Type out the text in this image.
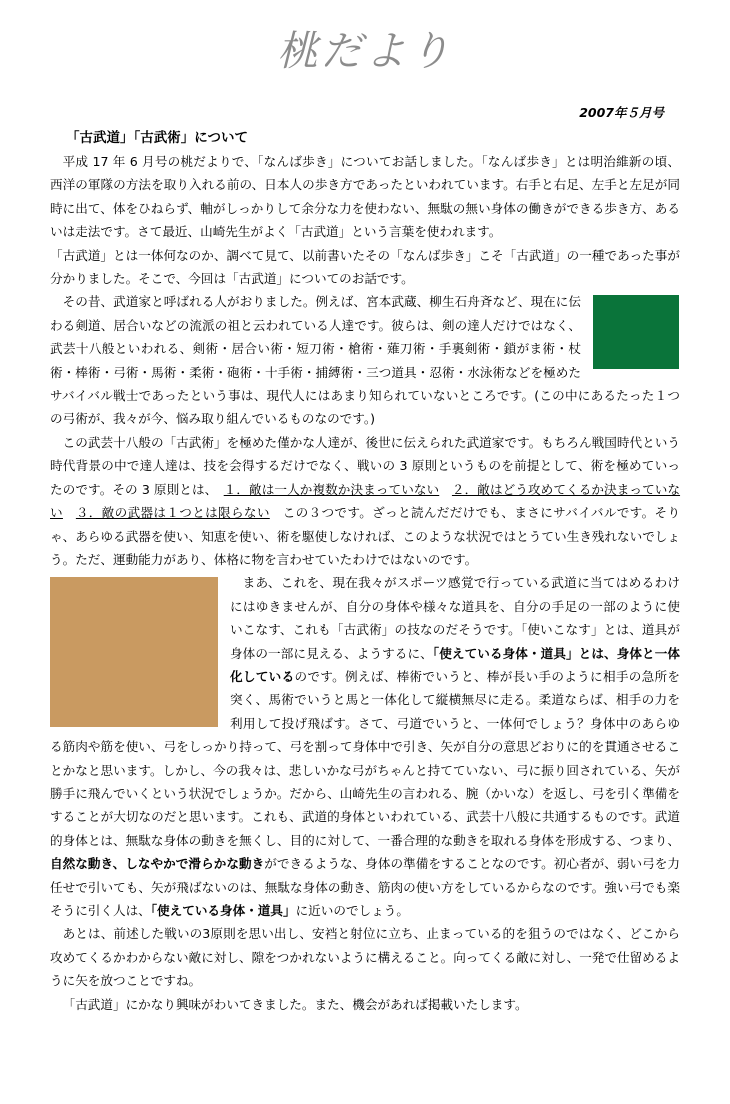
桃だより
2007年５月号
「古武道」「古武術」について

平成 17 年 6 月号の桃だよりで、「なんば歩き」についてお話しました。「なんば歩き」とは明治維新の頃、西洋の軍隊の方法を取り入れる前の、日本人の歩き方であったといわれています。右手と右足、左手と左足が同時に出て、体をひねらず、軸がしっかりして余分な力を使わない、無駄の無い身体の働きができる歩き方、あるいは走法です。さて最近、山崎先生がよく「古武道」という言葉を使われます。

「古武道」とは一体何なのか、調べて見て、以前書いたその「なんば歩き」こそ「古武道」の一種であった事が分かりました。そこで、今回は「古武道」についてのお話です。

その昔、武道家と呼ばれる人がおりました。例えば、宮本武蔵、柳生石舟斉など、現在に伝わる剣道、居合いなどの流派の祖と云われている人達です。彼らは、剣の達人だけではなく、武芸十八般といわれる、剣術・居合い術・短刀術・槍術・薙刀術・手裏剣術・鎖がま術・杖術・棒術・弓術・馬術・柔術・砲術・十手術・捕縛術・三つ道具・忍術・水泳術などを極めたサバイバル戦士であったという事は、現代人にはあまり知られていないところです。(この中にあるたった１つの弓術が、我々が今、悩み取り組んでいるものなのです。)

この武芸十八般の「古武術」を極めた僅かな人達が、後世に伝えられた武道家です。もちろん戦国時代という時代背景の中で達人達は、技を会得するだけでなく、戦いの 3 原則というものを前提として、術を極めていったのです。その 3 原則とは、　 １．敵は一人か複数か決まっていない　 ２．敵はどう攻めてくるか決まっていない　 ３．敵の武器は１つとは限らない　 この３つです。ざっと読んだだけでも、まさにサバイバルです。そりゃ、あらゆる武器を使い、知恵を使い、術を駆使しなければ、このような状況ではとうてい生き残れないでしょう。ただ、運動能力があり、体格に物を言わせていたわけではないのです。

まあ、これを、現在我々がスポーツ感覚で行っている武道に当てはめるわけにはゆきませんが、自分の身体や様々な道具を、自分の手足の一部のように使いこなす、これも「古武術」の技なのだそうです。「使いこなす」とは、道具が身体の一部に見える、ようするに、「使えている身体・道具」とは、身体と一体化しているのです。例えば、棒術でいうと、棒が長い手のように相手の急所を突く、馬術でいうと馬と一体化して縦横無尽に走る。柔道ならば、相手の力を利用して投げ飛ばす。さて、弓道でいうと、一体何でしょう？身体中のあらゆる筋肉や筋を使い、弓をしっかり持って、弓を割って身体中で引き、矢が自分の意思どおりに的を貫通させることかなと思います。しかし、今の我々は、悲しいかな弓がちゃんと持てていない、弓に振り回されている、矢が勝手に飛んでいくという状況でしょうか。だから、山崎先生の言われる、腕（かいな）を返し、弓を引く準備をすることが大切なのだと思います。これも、武道的身体といわれている、武芸十八般に共通するものです。武道的身体とは、無駄な身体の動きを無くし、目的に対して、一番合理的な動きを取れる身体を形成する、つまり、自然な動き、しなやかで滑らかな動きができるような、身体の準備をすることなのです。初心者が、弱い弓を力任せで引いても、矢が飛ばないのは、無駄な身体の動き、筋肉の使い方をしているからなのです。強い弓でも楽そうに引く人は、「使えている身体・道具」に近いのでしょう。

あとは、前述した戦いの3原則を思い出し、安裆と射位に立ち、止まっている的を狙うのではなく、どこから攻めてくるかわからない敵に対し、隙をつかれないように構えること。向ってくる敵に対し、一発で仕留めるように矢を放つことですね。

「古武道」にかなり興味がわいてきました。また、機会があれば掲載いたします。
